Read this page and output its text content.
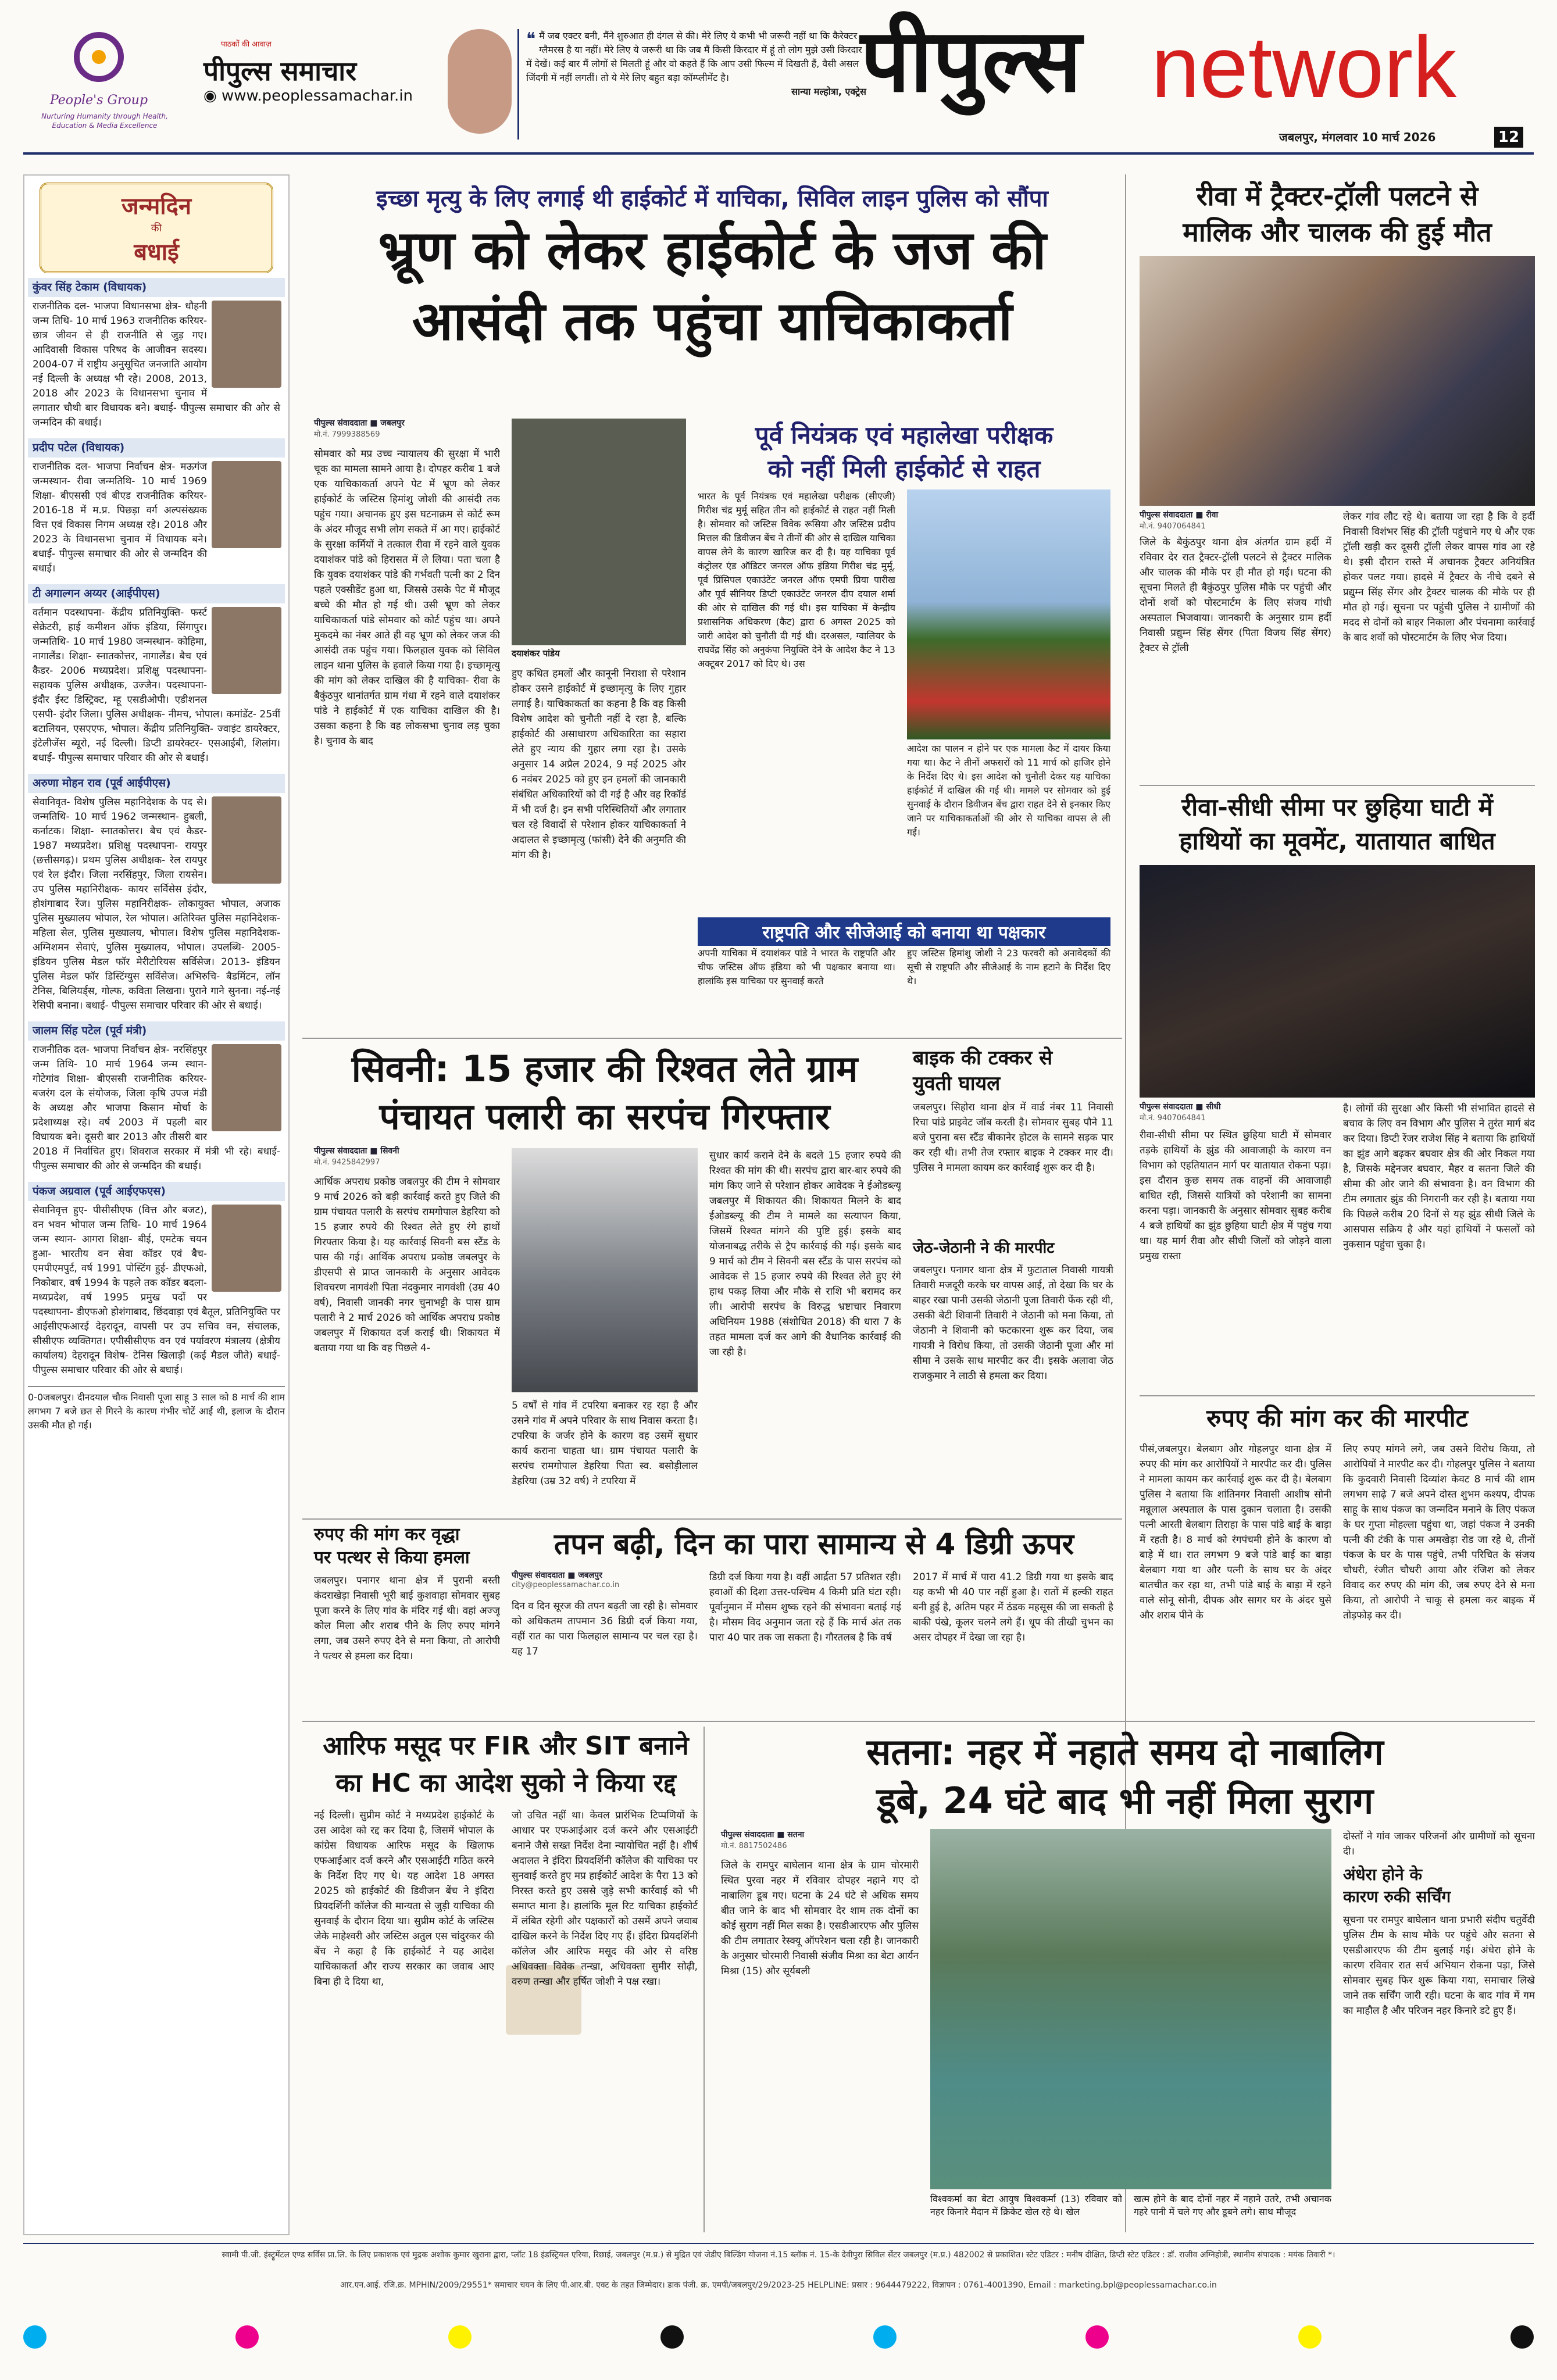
People's Group
Nurturing Humanity through Health, Education & Media Excellence
पाठकों की आवाज़
पीपुल्स समाचार
◉ www.peoplessamachar.in
❝ मैं जब एक्टर बनी, मैंने शुरुआत ही दंगल से की। मेरे लिए ये कभी भी जरूरी नहीं था कि कैरेक्टर ग्लैमरस है या नहीं। मेरे लिए ये जरूरी था कि जब मैं किसी किरदार में हूं तो लोग मुझे उसी किरदार में देखें। कई बार मैं लोगों से मिलती हूं और वो कहते हैं कि आप उसी फिल्म में दिखती हैं, वैसी असल जिंदगी में नहीं लगतीं। तो ये मेरे लिए बहुत बड़ा कॉम्प्लीमेंट है।
सान्या मल्होत्रा, एक्ट्रेस
पीपुल्स network
जबलपुर, मंगलवार 10 मार्च 2026	12
जन्मदिन
की
बधाई
कुंवर सिंह टेकाम (विधायक)
राजनीतिक दल- भाजपा विधानसभा क्षेत्र- धौहनी जन्म तिथि- 10 मार्च 1963 राजनीतिक करियर- छात्र जीवन से ही राजनीति से जुड़ गए। आदिवासी विकास परिषद के आजीवन सदस्य। 2004-07 में राष्ट्रीय अनुसूचित जनजाति आयोग नई दिल्ली के अध्यक्ष भी रहे। 2008, 2013, 2018 और 2023 के विधानसभा चुनाव में लगातार चौथी बार विधायक बने। बधाई- पीपुल्स समाचार की ओर से जन्मदिन की बधाई।
प्रदीप पटेल (विधायक)
राजनीतिक दल- भाजपा निर्वाचन क्षेत्र- मऊगंज जन्मस्थान- रीवा जन्मतिथि- 10 मार्च 1969 शिक्षा- बीएससी एवं बीएड राजनीतिक करियर- 2016-18 में म.प्र. पिछड़ा वर्ग अल्पसंख्यक वित्त एवं विकास निगम अध्यक्ष रहे। 2018 और 2023 के विधानसभा चुनाव में विधायक बने। बधाई- पीपुल्स समाचार की ओर से जन्मदिन की बधाई।
टी अगाल्गन अय्यर (आईपीएस)
वर्तमान पदस्थापना- केंद्रीय प्रतिनियुक्ति- फर्स्ट सेक्रेटरी, हाई कमीशन ऑफ इंडिया, सिंगापुर। जन्मतिथि- 10 मार्च 1980 जन्मस्थान- कोहिमा, नागालैंड। शिक्षा- स्नातकोत्तर, नागालैंड। बैच एवं कैडर- 2006 मध्यप्रदेश। प्रशिक्षु पदस्थापना- सहायक पुलिस अधीक्षक, उज्जैन। पदस्थापना- इंदौर ईस्ट डिस्ट्रिक्ट, म्हू एसडीओपी। एडीशनल एसपी- इंदौर जिला। पुलिस अधीक्षक- नीमच, भोपाल। कमांडेंट- 25वीं बटालियन, एसएएफ, भोपाल। केंद्रीय प्रतिनियुक्ति- ज्वाइंट डायरेक्टर, इंटेलीजेंस ब्यूरो, नई दिल्ली। डिप्टी डायरेक्टर- एसआईबी, शिलांग। बधाई- पीपुल्स समाचार परिवार की ओर से बधाई।
अरुणा मोहन राव (पूर्व आईपीएस)
सेवानिवृत- विशेष पुलिस महानिदेशक के पद से। जन्मतिथि- 10 मार्च 1962 जन्मस्थान- हुबली, कर्नाटक। शिक्षा- स्नातकोत्तर। बैच एवं कैडर- 1987 मध्यप्रदेश। प्रशिक्षु पदस्थापना- रायपुर (छत्तीसगढ़)। प्रथम पुलिस अधीक्षक- रेल रायपुर एवं रेल इंदौर। जिला नरसिंहपुर, जिला रायसेन। उप पुलिस महानिरीक्षक- कायर सर्विसेस इंदौर, होशंगाबाद रेंज। पुलिस महानिरीक्षक- लोकायुक्त भोपाल, अजाक पुलिस मुख्यालय भोपाल, रेल भोपाल। अतिरिक्त पुलिस महानिदेशक- महिला सेल, पुलिस मुख्यालय, भोपाल। विशेष पुलिस महानिदेशक- अग्निशमन सेवाएं, पुलिस मुख्यालय, भोपाल। उपलब्धि- 2005- इंडियन पुलिस मेडल फॉर मेरीटोरियस सर्विसेज। 2013- इंडियन पुलिस मेडल फॉर डिस्टिंग्युस सर्विसेज। अभिरुचि- बैडमिंटन, लॉन टेनिस, बिलियर्ड्स, गोल्फ, कविता लिखना। पुराने गाने सुनना। नई-नई रेसिपी बनाना। बधाई- पीपुल्स समाचार परिवार की ओर से बधाई।
जालम सिंह पटेल (पूर्व मंत्री)
राजनीतिक दल- भाजपा निर्वाचन क्षेत्र- नरसिंहपुर जन्म तिथि- 10 मार्च 1964 जन्म स्थान- गोटेगांव शिक्षा- बीएससी राजनीतिक करियर- बजरंग दल के संयोजक, जिला कृषि उपज मंडी के अध्यक्ष और भाजपा किसान मोर्चा के प्रदेशाध्यक्ष रहे। वर्ष 2003 में पहली बार विधायक बने। दूसरी बार 2013 और तीसरी बार 2018 में निर्वाचित हुए। शिवराज सरकार में मंत्री भी रहे। बधाई- पीपुल्स समाचार की ओर से जन्मदिन की बधाई।
पंकज अग्रवाल (पूर्व आईएफएस)
सेवानिवृत्त हुए- पीसीसीएफ (वित्त और बजट), वन भवन भोपाल जन्म तिथि- 10 मार्च 1964 जन्म स्थान- आगरा शिक्षा- बीई, एमटेक चयन हुआ- भारतीय वन सेवा कॉडर एवं बैच- एमपीएमपुर्ट, वर्ष 1991 पोस्टिंग हुई- डीएफओ, निकोबार, वर्ष 1994 के पहले तक कॉडर बदला- मध्यप्रदेश, वर्ष 1995 प्रमुख पदों पर पदस्थापना- डीएफओ होशंगाबाद, छिंदवाड़ा एवं बैतूल, प्रतिनियुक्ति पर आईसीएफआरई देहरादून, वापसी पर उप सचिव वन, संचालक, सीसीएफ व्यक्तिगत। एपीसीसीएफ वन एवं पर्यावरण मंत्रालय (क्षेत्रीय कार्यालय) देहरादून विशेष- टेनिस खिलाड़ी (कई मैडल जीते) बधाई- पीपुल्स समाचार परिवार की ओर से बधाई।
0-0जबलपुर। दीनदयाल चौक निवासी पूजा साहू 3 साल को 8 मार्च की शाम लगभग 7 बजे छत से गिरने के कारण गंभीर चोटें आईं थी, इलाज के दौरान उसकी मौत हो गई।
इच्छा मृत्यु के लिए लगाई थी हाईकोर्ट में याचिका, सिविल लाइन पुलिस को सौंपा
भ्रूण को लेकर हाईकोर्ट के जज की
आसंदी तक पहुंचा याचिकाकर्ता
पीपुल्स संवाददाता ■ जबलपुर
मो.नं. 7999388569
दयाशंकर पांडेय
सोमवार को मप्र उच्च न्यायालय की सुरक्षा में भारी चूक का मामला सामने आया है। दोपहर करीब 1 बजे एक याचिकाकर्ता अपने पेट में भ्रूण को लेकर हाईकोर्ट के जस्टिस हिमांशु जोशी की आसंदी तक पहुंच गया। अचानक हुए इस घटनाक्रम से कोर्ट रूम के अंदर मौजूद सभी लोग सकते में आ गए। हाईकोर्ट के सुरक्षा कर्मियों ने तत्काल रीवा में रहने वाले युवक दयाशंकर पांडे को हिरासत में ले लिया। पता चला है कि युवक दयाशंकर पांडे की गर्भवती पत्नी का 2 दिन पहले एक्सीडेंट हुआ था, जिससे उसके पेट में मौजूद बच्चे की मौत हो गई थी। उसी भ्रूण को लेकर याचिकाकर्ता पांडे सोमवार को कोर्ट पहुंच था। अपने मुकदमे का नंबर आते ही वह भ्रूण को लेकर जज की आसंदी तक पहुंच गया। फिलहाल युवक को सिविल लाइन थाना पुलिस के हवाले किया गया है। इच्छामृत्यु की मांग को लेकर दाखिल की है याचिका- रीवा के बैकुंठपुर थानांतर्गत ग्राम गंधा में रहने वाले दयाशंकर पांडे ने हाईकोर्ट में एक याचिका दाखिल की है। उसका कहना है कि वह लोकसभा चुनाव लड़ चुका है। चुनाव के बाद
हुए कथित हमलों और कानूनी निराशा से परेशान होकर उसने हाईकोर्ट में इच्छामृत्यु के लिए गुहार लगाई है। याचिकाकर्ता का कहना है कि वह किसी विशेष आदेश को चुनौती नहीं दे रहा है, बल्कि हाईकोर्ट की असाधारण अधिकारिता का सहारा लेते हुए न्याय की गुहार लगा रहा है। उसके अनुसार 14 अप्रैल 2024, 9 मई 2025 और 6 नवंबर 2025 को हुए इन हमलों की जानकारी संबंधित अधिकारियों को दी गई है और वह रिकॉर्ड में भी दर्ज है। इन सभी परिस्थितियों और लगातार चल रहे विवादों से परेशान होकर याचिकाकर्ता ने अदालत से इच्छामृत्यु (फांसी) देने की अनुमति की मांग की है।
पूर्व नियंत्रक एवं महालेखा परीक्षक
को नहीं मिली हाईकोर्ट से राहत
भारत के पूर्व नियंत्रक एवं महालेखा परीक्षक (सीएजी) गिरीश चंद्र मुर्मू सहित तीन को हाईकोर्ट से राहत नहीं मिली है। सोमवार को जस्टिस विवेक रूसिया और जस्टिस प्रदीप मित्तल की डिवीजन बेंच ने तीनों की ओर से दाखिल याचिका वापस लेने के कारण खारिज कर दी है। यह याचिका पूर्व कंट्रोलर एंड ऑडिटर जनरल ऑफ इंडिया गिरीश चंद्र मुर्मू, पूर्व प्रिंसिपल एकाउंटेंट जनरल ऑफ एमपी प्रिया पारीख और पूर्व सीनियर डिप्टी एकाउंटेंट जनरल दीप दयाल शर्मा की ओर से दाखिल की गई थी। इस याचिका में केन्द्रीय प्रशासनिक अधिकरण (कैट) द्वारा 6 अगस्त 2025 को जारी आदेश को चुनौती दी गई थी। दरअसल, ग्वालियर के राघवेंद्र सिंह को अनुकंपा नियुक्ति देने के आदेश कैट ने 13 अक्टूबर 2017 को दिए थे। उस
आदेश का पालन न होने पर एक मामला कैट में दायर किया गया था। कैट ने तीनों अफसरों को 11 मार्च को हाजिर होने के निर्देश दिए थे। इस आदेश को चुनौती देकर यह याचिका हाईकोर्ट में दाखिल की गई थी। मामले पर सोमवार को हुई सुनवाई के दौरान डिवीजन बेंच द्वारा राहत देने से इनकार किए जाने पर याचिकाकर्ताओं की ओर से याचिका वापस ले ली गई।
राष्ट्रपति और सीजेआई को बनाया था पक्षकार
अपनी याचिका में दयाशंकर पांडे ने भारत के राष्ट्रपति और चीफ जस्टिस ऑफ इंडिया को भी पक्षकार बनाया था। हालांकि इस याचिका पर सुनवाई करते
हुए जस्टिस हिमांशु जोशी ने 23 फरवरी को अनावेदकों की सूची से राष्ट्रपति और सीजेआई के नाम हटाने के निर्देश दिए थे।
रीवा में ट्रैक्टर-ट्रॉली पलटने से
मालिक और चालक की हुई मौत
पीपुल्स संवाददाता ■ रीवा
मो.नं. 9407064841
जिले के बैकुंठपुर थाना क्षेत्र अंतर्गत ग्राम हर्दी में रविवार देर रात ट्रैक्टर-ट्रॉली पलटने से ट्रैक्टर मालिक और चालक की मौके पर ही मौत हो गई। घटना की सूचना मिलते ही बैकुंठपुर पुलिस मौके पर पहुंची और दोनों शवों को पोस्टमार्टम के लिए संजय गांधी अस्पताल भिजवाया। जानकारी के अनुसार ग्राम हर्दी निवासी प्रद्युम्न सिंह सेंगर (पिता विजय सिंह सेंगर) ट्रैक्टर से ट्रॉली
लेकर गांव लौट रहे थे। बताया जा रहा है कि वे हर्दी निवासी विशंभर सिंह की ट्रॉली पहुंचाने गए थे और एक ट्रॉली खड़ी कर दूसरी ट्रॉली लेकर वापस गांव आ रहे थे। इसी दौरान रास्ते में अचानक ट्रैक्टर अनियंत्रित होकर पलट गया। हादसे में ट्रैक्टर के नीचे दबने से प्रद्युम्न सिंह सेंगर और ट्रैक्टर चालक की मौके पर ही मौत हो गई। सूचना पर पहुंची पुलिस ने ग्रामीणों की मदद से दोनों को बाहर निकाला और पंचनामा कार्रवाई के बाद शवों को पोस्टमार्टम के लिए भेज दिया।
रीवा-सीधी सीमा पर छुहिया घाटी में
हाथियों का मूवमेंट, यातायात बाधित
पीपुल्स संवाददाता ■ सीधी
मो.नं. 9407064841
रीवा-सीधी सीमा पर स्थित छुहिया घाटी में सोमवार तड़के हाथियों के झुंड की आवाजाही के कारण वन विभाग को एहतियातन मार्ग पर यातायात रोकना पड़ा। इस दौरान कुछ समय तक वाहनों की आवाजाही बाधित रही, जिससे यात्रियों को परेशानी का सामना करना पड़ा। जानकारी के अनुसार सोमवार सुबह करीब 4 बजे हाथियों का झुंड छुहिया घाटी क्षेत्र में पहुंच गया था। यह मार्ग रीवा और सीधी जिलों को जोड़ने वाला प्रमुख रास्ता
है। लोगों की सुरक्षा और किसी भी संभावित हादसे से बचाव के लिए वन विभाग और पुलिस ने तुरंत मार्ग बंद कर दिया। डिप्टी रेंजर राजेश सिंह ने बताया कि हाथियों का झुंड आगे बढ़कर बघवार क्षेत्र की ओर निकल गया है, जिसके मद्देनजर बघवार, मैहर व सतना जिले की सीमा की ओर जाने की संभावना है। वन विभाग की टीम लगातार झुंड की निगरानी कर रही है। बताया गया कि पिछले करीब 20 दिनों से यह झुंड सीधी जिले के आसपास सक्रिय है और यहां हाथियों ने फसलों को नुकसान पहुंचा चुका है।
रुपए की मांग कर की मारपीट
पीसं,जबलपुर। बेलबाग और गोहलपुर थाना क्षेत्र में रुपए की मांग कर आरोपियों ने मारपीट कर दी। पुलिस ने मामला कायम कर कार्रवाई शुरू कर दी है। बेलबाग पुलिस ने बताया कि शांतिनगर निवासी आशीष सोनी मन्नूलाल अस्पताल के पास दुकान चलाता है। उसकी पत्नी आरती बेलबाग तिराहा के पास पांडे बाई के बाड़ा में रहती है। 8 मार्च को रंगपंचमी होने के कारण वो बाड़े में था। रात लगभग 9 बजे पांडे बाई का बाड़ा बेलबाग गया था और पत्नी के साथ घर के अंदर बातचीत कर रहा था, तभी पांडे बाई के बाड़ा में रहने वाले सोनू सोनी, दीपक और सागर घर के अंदर घुसे और शराब पीने के
लिए रुपए मांगने लगे, जब उसने विरोध किया, तो आरोपियों ने मारपीट कर दी। गोहलपुर पुलिस ने बताया कि कुदवारी निवासी दिव्यांश केवट 8 मार्च की शाम लगभग साढ़े 7 बजे अपने दोस्त शुभम कश्यप, दीपक साहू के साथ पंकज का जन्मदिन मनाने के लिए पंकज के घर गुप्ता मोहल्ला पहुंचा था, जहां पंकज ने उनकी पत्नी की टंकी के पास अमखेड़ा रोड जा रहे थे, तीनों पंकज के घर के पास पहुंचे, तभी परिचित के संजय चौधरी, रंजीत चौधरी आया और रंजिश को लेकर विवाद कर रुपए की मांग की, जब रुपए देने से मना किया, तो आरोपी ने चाकू से हमला कर बाइक में तोड़फोड़ कर दी।
सिवनी: 15 हजार की रिश्वत लेते ग्राम
पंचायत पलारी का सरपंच गिरफ्तार
पीपुल्स संवाददाता ■ सिवनी
मो.नं. 9425842997
आर्थिक अपराध प्रकोष्ठ जबलपुर की टीम ने सोमवार 9 मार्च 2026 को बड़ी कार्रवाई करते हुए जिले की ग्राम पंचायत पलारी के सरपंच रामगोपाल डेहरिया को 15 हजार रुपये की रिश्वत लेते हुए रंगे हाथों गिरफ्तार किया है। यह कार्रवाई सिवनी बस स्टैंड के पास की गई। आर्थिक अपराध प्रकोष्ठ जबलपुर के डीएसपी से प्राप्त जानकारी के अनुसार आवेदक शिवचरण नागवंशी पिता नंदकुमार नागवंशी (उम्र 40 वर्ष), निवासी जानकी नगर चुनाभट्टी के पास ग्राम पलारी ने 2 मार्च 2026 को आर्थिक अपराध प्रकोष्ठ जबलपुर में शिकायत दर्ज कराई थी। शिकायत में बताया गया था कि वह पिछले 4-
5 वर्षों से गांव में टपरिया बनाकर रह रहा है और उसने गांव में अपने परिवार के साथ निवास करता है। टपरिया के जर्जर होने के कारण वह उसमें सुधार कार्य कराना चाहता था। ग्राम पंचायत पलारी के सरपंच रामगोपाल डेहरिया पिता स्व. बसोड़ीलाल डेहरिया (उम्र 32 वर्ष) ने टपरिया में
सुधार कार्य कराने देने के बदले 15 हजार रुपये की रिश्वत की मांग की थी। सरपंच द्वारा बार-बार रुपये की मांग किए जाने से परेशान होकर आवेदक ने ईओडब्ल्यू जबलपुर में शिकायत की। शिकायत मिलने के बाद ईओडब्ल्यू की टीम ने मामले का सत्यापन किया, जिसमें रिश्वत मांगने की पुष्टि हुई। इसके बाद योजनाबद्ध तरीके से ट्रैप कार्रवाई की गई। इसके बाद 9 मार्च को टीम ने सिवनी बस स्टैंड के पास सरपंच को आवेदक से 15 हजार रुपये की रिश्वत लेते हुए रंगे हाथ पकड़ लिया और मौके से राशि भी बरामद कर ली। आरोपी सरपंच के विरुद्ध भ्रष्टाचार निवारण अधिनियम 1988 (संशोधित 2018) की धारा 7 के तहत मामला दर्ज कर आगे की वैधानिक कार्रवाई की जा रही है।
बाइक की टक्कर से
युवती घायल
जबलपुर। सिहोरा थाना क्षेत्र में वार्ड नंबर 11 निवासी रिचा पांडे प्राइवेट जॉब करती है। सोमवार सुबह पौने 11 बजे पुराना बस स्टैंड बीकानेर होटल के सामने सड़क पार कर रही थी। तभी तेज रफ्तार बाइक ने टक्कर मार दी। पुलिस ने मामला कायम कर कार्रवाई शुरू कर दी है।
जेठ-जेठानी ने की मारपीट
जबलपुर। पनागर थाना क्षेत्र में फुटाताल निवासी गायत्री तिवारी मजदूरी करके घर वापस आई, तो देखा कि घर के बाहर रखा पानी उसकी जेठानी पूजा तिवारी फेंक रही थी, उसकी बेटी शिवानी तिवारी ने जेठानी को मना किया, तो जेठानी ने शिवानी को फटकारना शुरू कर दिया, जब गायत्री ने विरोध किया, तो उसकी जेठानी पूजा और मां सीमा ने उसके साथ मारपीट कर दी। इसके अलावा जेठ राजकुमार ने लाठी से हमला कर दिया।
रुपए की मांग कर वृद्धा
पर पत्थर से किया हमला
जबलपुर। पनागर थाना क्षेत्र में पुरानी बस्ती कंदराखेड़ा निवासी भूरी बाई कुशवाहा सोमवार सुबह पूजा करने के लिए गांव के मंदिर गई थी। वहां अज्जू कोल मिला और शराब पीने के लिए रुपए मांगने लगा, जब उसने रुपए देने से मना किया, तो आरोपी ने पत्थर से हमला कर दिया।
तपन बढ़ी, दिन का पारा सामान्य से 4 डिग्री ऊपर
पीपुल्स संवाददाता ■ जबलपुर
city@peoplessamachar.co.in
दिन व दिन सूरज की तपन बढ़ती जा रही है। सोमवार को अधिकतम तापमान 36 डिग्री दर्ज किया गया, वहीं रात का पारा फिलहाल सामान्य पर चल रहा है। यह 17
डिग्री दर्ज किया गया है। वहीं आर्द्रता 57 प्रतिशत रही। हवाओं की दिशा उत्तर-पश्चिम 4 किमी प्रति घंटा रही। पूर्वानुमान में मौसम शुष्क रहने की संभावना बताई गई है। मौसम विद अनुमान जता रहे हैं कि मार्च अंत तक पारा 40 पार तक जा सकता है। गौरतलब है कि वर्ष
2017 में मार्च में पारा 41.2 डिग्री गया था इसके बाद यह कभी भी 40 पार नहीं हुआ है। रातों में हल्की राहत बनी हुई है, अतिम पहर में ठंडक महसूस की जा सकती है बाकी पंखे, कूलर चलने लगे हैं। धूप की तीखी चुभन का असर दोपहर में देखा जा रहा है।
आरिफ मसूद पर FIR और SIT बनाने
का HC का आदेश सुको ने किया रद्द
नई दिल्ली। सुप्रीम कोर्ट ने मध्यप्रदेश हाईकोर्ट के उस आदेश को रद्द कर दिया है, जिसमें भोपाल के कांग्रेस विधायक आरिफ मसूद के खिलाफ एफआईआर दर्ज करने और एसआईटी गठित करने के निर्देश दिए गए थे। यह आदेश 18 अगस्त 2025 को हाईकोर्ट की डिवीजन बेंच ने इंदिरा प्रियदर्शिनी कॉलेज की मान्यता से जुड़ी याचिका की सुनवाई के दौरान दिया था। सुप्रीम कोर्ट के जस्टिस जेके माहेश्वरी और जस्टिस अतुल एस चांदुरकर की बेंच ने कहा है कि हाईकोर्ट ने यह आदेश याचिकाकर्ता और राज्य सरकार का जवाब आए बिना ही दे दिया था,
जो उचित नहीं था। केवल प्रारंभिक टिप्पणियों के आधार पर एफआईआर दर्ज करने और एसआईटी बनाने जैसे सख्त निर्देश देना न्यायोचित नहीं है। शीर्ष अदालत ने इंदिरा प्रियदर्शिनी कॉलेज की याचिका पर सुनवाई करते हुए मप्र हाईकोर्ट आदेश के पैरा 13 को निरस्त करते हुए उससे जुड़े सभी कार्रवाई को भी समाप्त माना है। हालांकि मूल रिट याचिका हाईकोर्ट में लंबित रहेगी और पक्षकारों को उसमें अपने जवाब दाखिल करने के निर्देश दिए गए हैं। इंदिरा प्रियदर्शिनी कॉलेज और आरिफ मसूद की ओर से वरिष्ठ अधिवक्ता विवेक तन्खा, अधिवक्ता सुमीर सोढ़ी, वरुण तन्खा और हर्षित जोशी ने पक्ष रखा।
सतना: नहर में नहाते समय दो नाबालिग
डूबे, 24 घंटे बाद भी नहीं मिला सुराग
पीपुल्स संवाददाता ■ सतना
मो.नं. 8817502486
जिले के रामपुर बाघेलान थाना क्षेत्र के ग्राम चोरमारी स्थित पुरवा नहर में रविवार दोपहर नहाने गए दो नाबालिग डूब गए। घटना के 24 घंटे से अधिक समय बीत जाने के बाद भी सोमवार देर शाम तक दोनों का कोई सुराग नहीं मिल सका है। एसडीआरएफ और पुलिस की टीम लगातार रेस्क्यू ऑपरेशन चला रही है। जानकारी के अनुसार चोरमारी निवासी संजीव मिश्रा का बेटा आर्यन मिश्रा (15) और सूर्यबली
विश्वकर्मा का बेटा आयुष विश्वकर्मा (13) रविवार को नहर किनारे मैदान में क्रिकेट खेल रहे थे। खेल
खत्म होने के बाद दोनों नहर में नहाने उतरे, तभी अचानक गहरे पानी में चले गए और डूबने लगे। साथ मौजूद
दोस्तों ने गांव जाकर परिजनों और ग्रामीणों को सूचना दी।
अंधेरा होने के
कारण रुकी सर्चिंग
सूचना पर रामपुर बाघेलान थाना प्रभारी संदीप चतुर्वेदी पुलिस टीम के साथ मौके पर पहुंचे और सतना से एसडीआरएफ की टीम बुलाई गई। अंधेरा होने के कारण रविवार रात सर्च अभियान रोकना पड़ा, जिसे सोमवार सुबह फिर शुरू किया गया, समाचार लिखे जाने तक सर्चिंग जारी रही। घटना के बाद गांव में गम का माहौल है और परिजन नहर किनारे डटे हुए हैं।
स्वामी पी.जी. इंस्ट्रूमेंटल एण्ड सर्विस प्रा.लि. के लिए प्रकाशक एवं मुद्रक अशोक कुमार खुराना द्वारा, प्लॉट 18 इंडस्ट्रियल एरिया, रिछाई, जबलपुर (म.प्र.) से मुद्रित एवं जेडीए बिल्डिंग योजना नं.15 ब्लॉक नं. 15-के देवीपुरा सिविल सेंटर जबलपुर (म.प्र.) 482002 से प्रकाशित। स्टेट एडिटर : मनीष दीक्षित, डिप्टी स्टेट एडिटर : डॉ. राजीव अग्निहोत्री, स्थानीय संपादक : मयंक तिवारी *।
आर.एन.आई. रजि.क्र. MPHIN/2009/29551* समाचार चयन के लिए पी.आर.बी. एक्ट के तहत जिम्मेदार। डाक पंजी. क्र. एमपी/जबलपुर/29/2023-25 HELPLINE: प्रसार : 9644479222, विज्ञापन : 0761-4001390, Email : marketing.bpl@peoplessamachar.co.in
